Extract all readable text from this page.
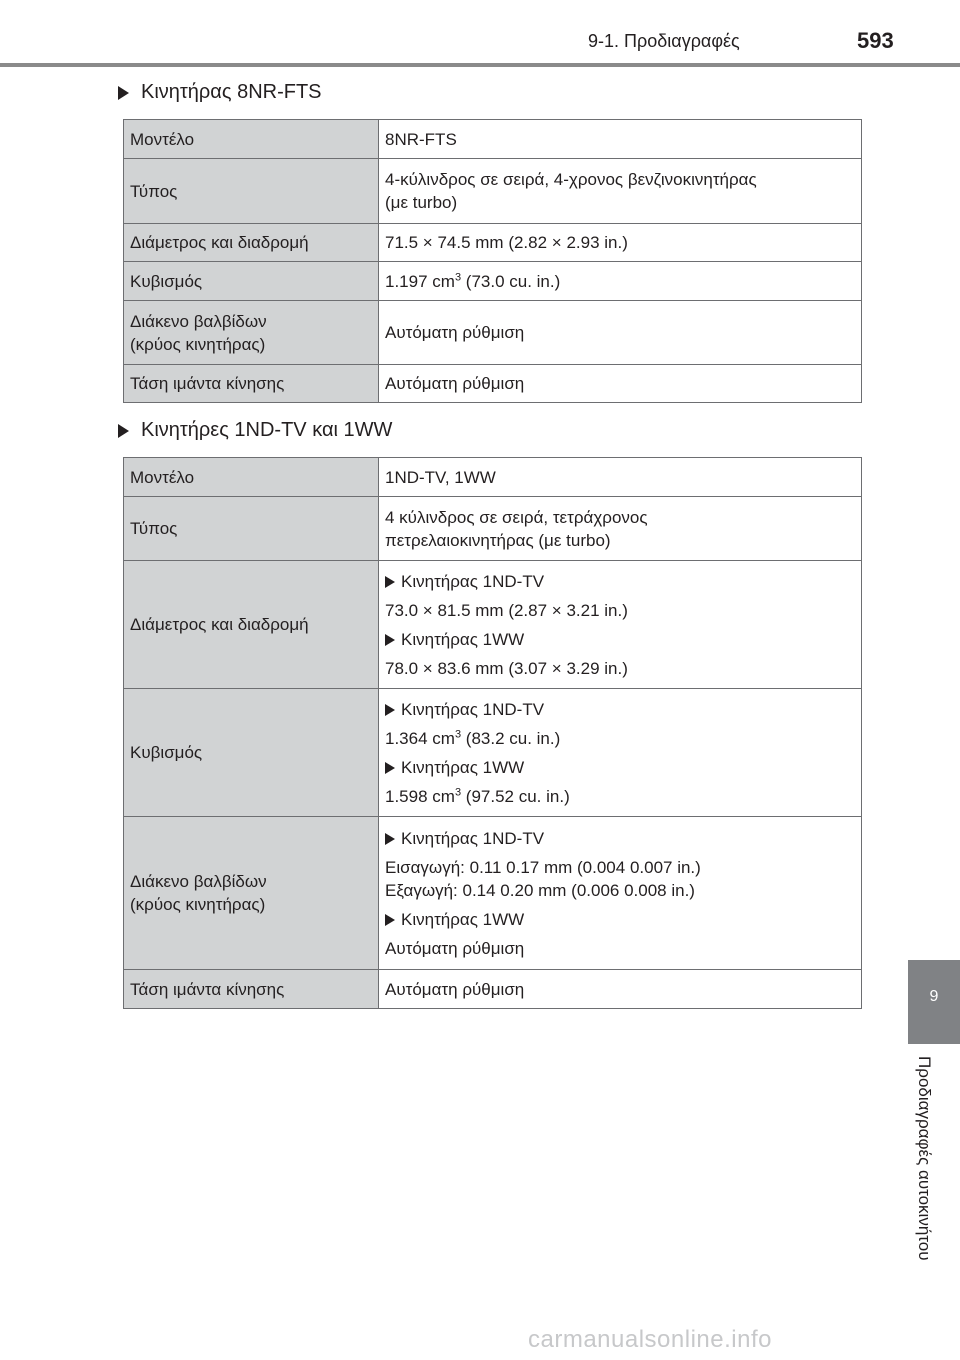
9-1. Προδιαγραφές	593
Κινητήρας 8NR-FTS
Μοντέλο	8NR-FTS
Τύπος	4-κύλινδρος σε σειρά, 4-χρονος βενζινοκινητήρας
(με turbo)

Διάμετρος και διαδρομή	71.5 × 74.5 mm (2.82 × 2.93 in.)
Κυβισμός	1.197 $cm^3$ (73.0 cu. in.)

Διάκενο βαλβίδων
(κρύος κινητήρας)	Αυτόματη ρύθμιση
Τάση ιμάντα κίνησης	Αυτόματη ρύθμιση
Κινητήρες 1ND-TV και 1WW
Μοντέλο	1ND-TV, 1WW
Τύπος	4 κύλινδρος σε σειρά, τετράχρονος
πετρελαιοκινητήρας (με turbo)

Διάμετρος και διαδρομή	Κινητήρας 1ND-TV
73.0 × 81.5 mm (2.87 × 3.21 in.)
Κινητήρας 1WW
78.0 × 83.6 mm (3.07 × 3.29 in.)

Κυβισμός	Κινητήρας 1ND-TV
1.364 $cm^3$ (83.2 cu. in.)
Κινητήρας 1WW
1.598 $cm^3$ (97.52 cu. in.)

Διάκενο βαλβίδων
(κρύος κινητήρας)	Κινητήρας 1ND-TV
Εισαγωγή: 0.11 0.17 mm (0.004 0.007 in.)
Εξαγωγή: 0.14 0.20 mm (0.006 0.008 in.)
Κινητήρας 1WW
Αυτόματη ρύθμιση

Τάση ιμάντα κίνησης	Αυτόματη ρύθμιση	9
Προδιαγραφές αυτοκινήτου
carmanualsonline.info
